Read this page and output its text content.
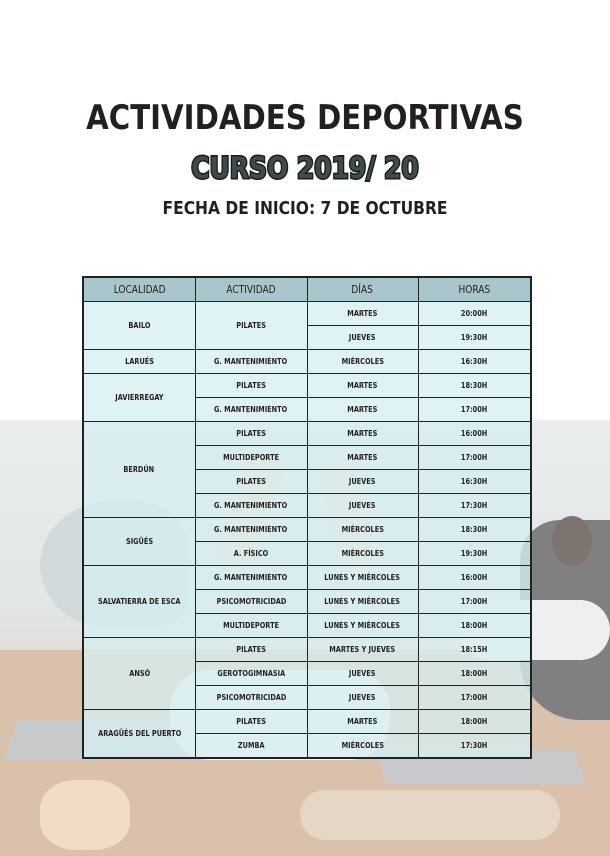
ACTIVIDADES DEPORTIVAS
CURSO 2019/ 20
FECHA DE INICIO: 7 DE OCTUBRE
LOCALIDAD	ACTIVIDAD	DÍAS	HORAS
BAILO	PILATES	MARTES	20:00H
		JUEVES	19:30H
LARUÉS	G. MANTENIMIENTO	MIÉRCOLES	16:30H
JAVIERREGAY	PILATES	MARTES	18:30H
	G. MANTENIMIENTO	MARTES	17:00H
BERDÚN	PILATES	MARTES	16:00H
	MULTIDEPORTE	MARTES	17:00H
	PILATES	JUEVES	16:30H
	G. MANTENIMIENTO	JUEVES	17:30H
SIGÜÉS	G. MANTENIMIENTO	MIÉRCOLES	18:30H
	A. FÍSICO	MIÉRCOLES	19:30H
SALVATIERRA DE ESCA	G. MANTENIMIENTO	LUNES Y MIÉRCOLES	16:00H
	PSICOMOTRICIDAD	LUNES Y MIÉRCOLES	17:00H
	MULTIDEPORTE	LUNES Y MIÉRCOLES	18:00H
ANSÓ	PILATES	MARTES Y JUEVES	18:15H
	GEROTOGIMNASIA	JUEVES	18:00H
	PSICOMOTRICIDAD	JUEVES	17:00H
ARAGÜÉS DEL PUERTO	PILATES	MARTES	18:00H
	ZUMBA	MIÉRCOLES	17:30H
